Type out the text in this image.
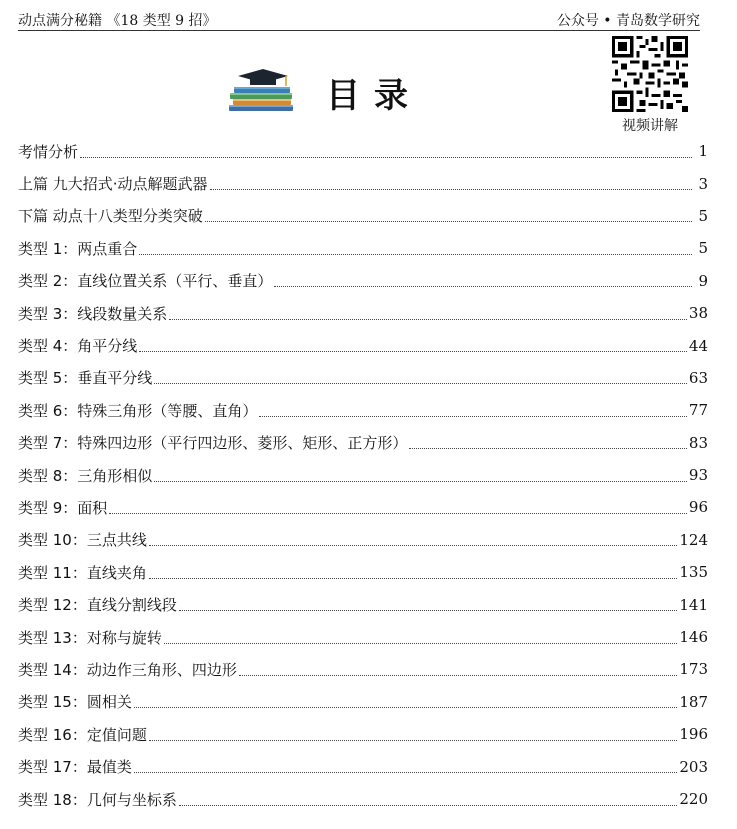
动点满分秘籍 《18 类型 9 招》	公众号 • 青岛数学研究
目录
视频讲解
考情分析	1
上篇 九大招式·动点解题武器	3
下篇 动点十八类型分类突破	5
类型 1：两点重合	5
类型 2：直线位置关系（平行、垂直）	9
类型 3：线段数量关系	38
类型 4：角平分线	44
类型 5：垂直平分线	63
类型 6：特殊三角形（等腰、直角）	77
类型 7：特殊四边形（平行四边形、菱形、矩形、正方形）	83
类型 8：三角形相似	93
类型 9：面积	96
类型 10：三点共线	124
类型 11：直线夹角	135
类型 12：直线分割线段	141
类型 13：对称与旋转	146
类型 14：动边作三角形、四边形	173
类型 15：圆相关	187
类型 16：定值问题	196
类型 17：最值类	203
类型 18：几何与坐标系	220
